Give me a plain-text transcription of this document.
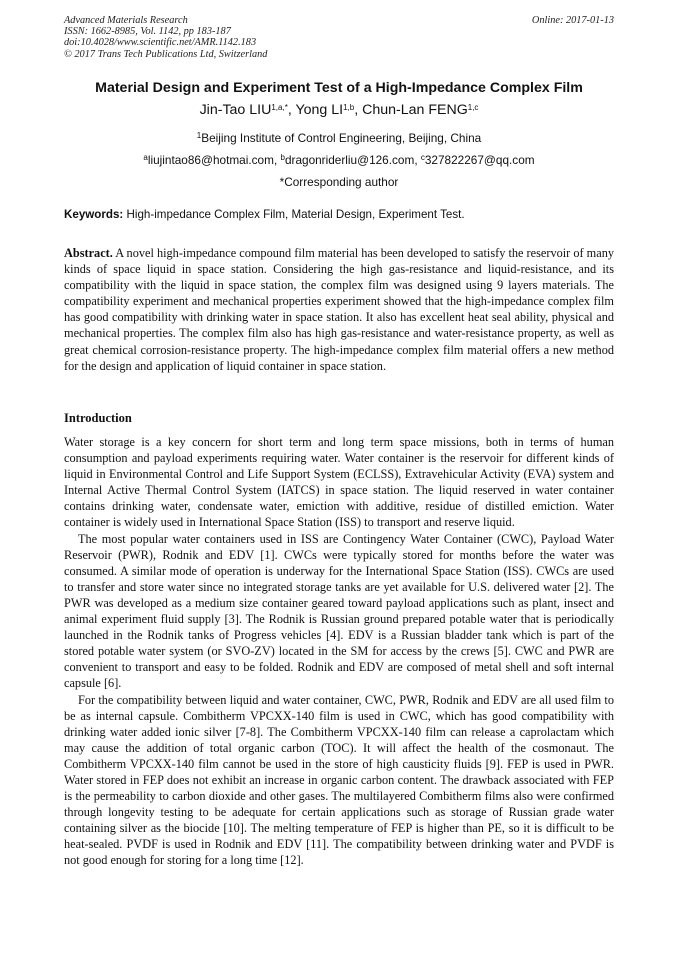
Advanced Materials Research
ISSN: 1662-8985, Vol. 1142, pp 183-187
doi:10.4028/www.scientific.net/AMR.1142.183
© 2017 Trans Tech Publications Ltd, Switzerland
Online: 2017-01-13
Material Design and Experiment Test of a High-Impedance Complex Film
Jin-Tao $LIU^{1,a,*}$, Yong LI$^{1,b}$, Chun-Lan FENG$^{1,c}$
$^1$Beijing Institute of Control Engineering, Beijing, China
$^a$liujintao86@hotmai.com, $^b$dragonriderliu@126.com, $^c$327822267@qq.com
*Corresponding author
Keywords: High-impedance Complex Film, Material Design, Experiment Test.

Abstract. A novel high-impedance compound film material has been developed to satisfy the reservoir of many kinds of space liquid in space station. Considering the high gas-resistance and liquid-resistance, and its compatibility with the liquid in space station, the complex film was designed using 9 layers materials. The compatibility experiment and mechanical properties experiment showed that the high-impedance complex film has good compatibility with drinking water in space station. It also has excellent heat seal ability, physical and mechanical properties. The complex film also has high gas-resistance and water-resistance property, as well as great chemical corrosion-resistance property. The high-impedance complex film material offers a new method for the design and application of liquid container in space station.

Introduction

Water storage is a key concern for short term and long term space missions, both in terms of human consumption and payload experiments requiring water. Water container is the reservoir for different kinds of liquid in Environmental Control and Life Support System (ECLSS), Extravehicular Activity (EVA) system and Internal Active Thermal Control System (IATCS) in space station. The liquid reserved in water container contains drinking water, condensate water, emiction with additive, residue of distilled emiction. Water container is widely used in International Space Station (ISS) to transport and reserve liquid.

The most popular water containers used in ISS are Contingency Water Container (CWC), Payload Water Reservoir (PWR), Rodnik and EDV [1]. CWCs were typically stored for months before the water was consumed. A similar mode of operation is underway for the International Space Station (ISS). CWCs are used to transfer and store water since no integrated storage tanks are yet available for U.S. delivered water [2]. The PWR was developed as a medium size container geared toward payload applications such as plant, insect and animal experiment fluid supply [3]. The Rodnik is Russian ground prepared potable water that is periodically launched in the Rodnik tanks of Progress vehicles [4]. EDV is a Russian bladder tank which is part of the stored potable water system (or SVO-ZV) located in the SM for access by the crews [5]. CWC and PWR are convenient to transport and easy to be folded. Rodnik and EDV are composed of metal shell and soft internal capsule [6].

For the compatibility between liquid and water container, CWC, PWR, Rodnik and EDV are all used film to be as internal capsule. Combitherm VPCXX-140 film is used in CWC, which has good compatibility with drinking water added ionic silver [7-8]. The Combitherm VPCXX-140 film can release a caprolactam which may cause the addition of total organic carbon (TOC). It will affect the health of the cosmonaut. The Combitherm VPCXX-140 film cannot be used in the store of high causticity fluids [9]. FEP is used in PWR. Water stored in FEP does not exhibit an increase in organic carbon content. The drawback associated with FEP is the permeability to carbon dioxide and other gases. The multilayered Combitherm films also were confirmed through longevity testing to be adequate for certain applications such as storage of Russian grade water containing silver as the biocide [10]. The melting temperature of FEP is higher than PE, so it is difficult to be heat-sealed. PVDF is used in Rodnik and EDV [11]. The compatibility between drinking water and PVDF is not good enough for storing for a long time [12].
